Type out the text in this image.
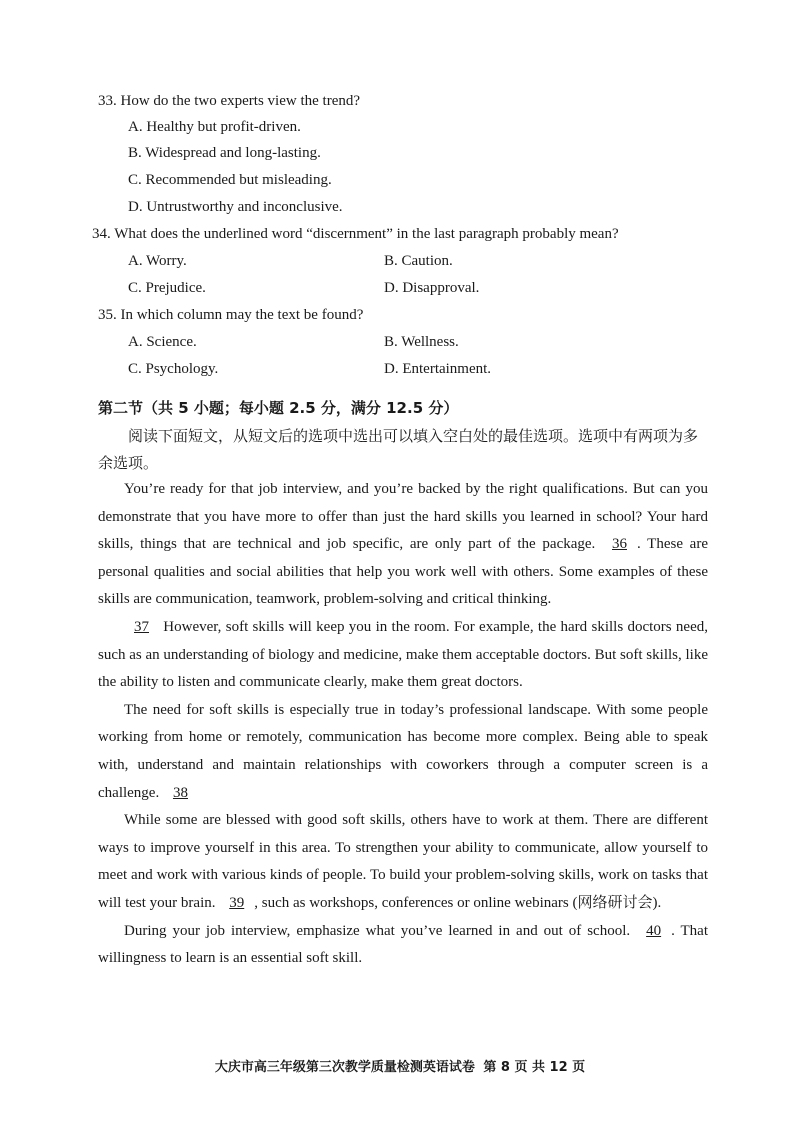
33. How do the two experts view the trend?
A. Healthy but profit-driven.
B. Widespread and long-lasting.
C. Recommended but misleading.
D. Untrustworthy and inconclusive.
34. What does the underlined word “discernment” in the last paragraph probably mean?
A. Worry.	B. Caution.
C. Prejudice.	D. Disapproval.
35. In which column may the text be found?
A. Science.	B. Wellness.
C. Psychology.	D. Entertainment.
第二节（共 5 小题；每小题 2.5 分，满分 12.5 分）
阅读下面短文，从短文后的选项中选出可以填入空白处的最佳选项。选项中有两项为多余选项。

You’re ready for that job interview, and you’re backed by the right qualifications. But can you demonstrate that you have more to offer than just the hard skills you learned in school? Your hard skills, things that are technical and job specific, are only part of the package. 36 . These are personal qualities and social abilities that help you work well with others. Some examples of these skills are communication, teamwork, problem-solving and critical thinking.

37 However, soft skills will keep you in the room. For example, the hard skills doctors need, such as an understanding of biology and medicine, make them acceptable doctors. But soft skills, like the ability to listen and communicate clearly, make them great doctors.

The need for soft skills is especially true in today’s professional landscape. With some people working from home or remotely, communication has become more complex. Being able to speak with, understand and maintain relationships with coworkers through a computer screen is a challenge. 38

While some are blessed with good soft skills, others have to work at them. There are different ways to improve yourself in this area. To strengthen your ability to communicate, allow yourself to meet and work with various kinds of people. To build your problem-solving skills, work on tasks that will test your brain. 39 , such as workshops, conferences or online webinars (网络研讨会).

During your job interview, emphasize what you’ve learned in and out of school. 40 . That willingness to learn is an essential soft skill.

大庆市高三年级第三次教学质量检测英语试卷 第 8 页 共 12 页
